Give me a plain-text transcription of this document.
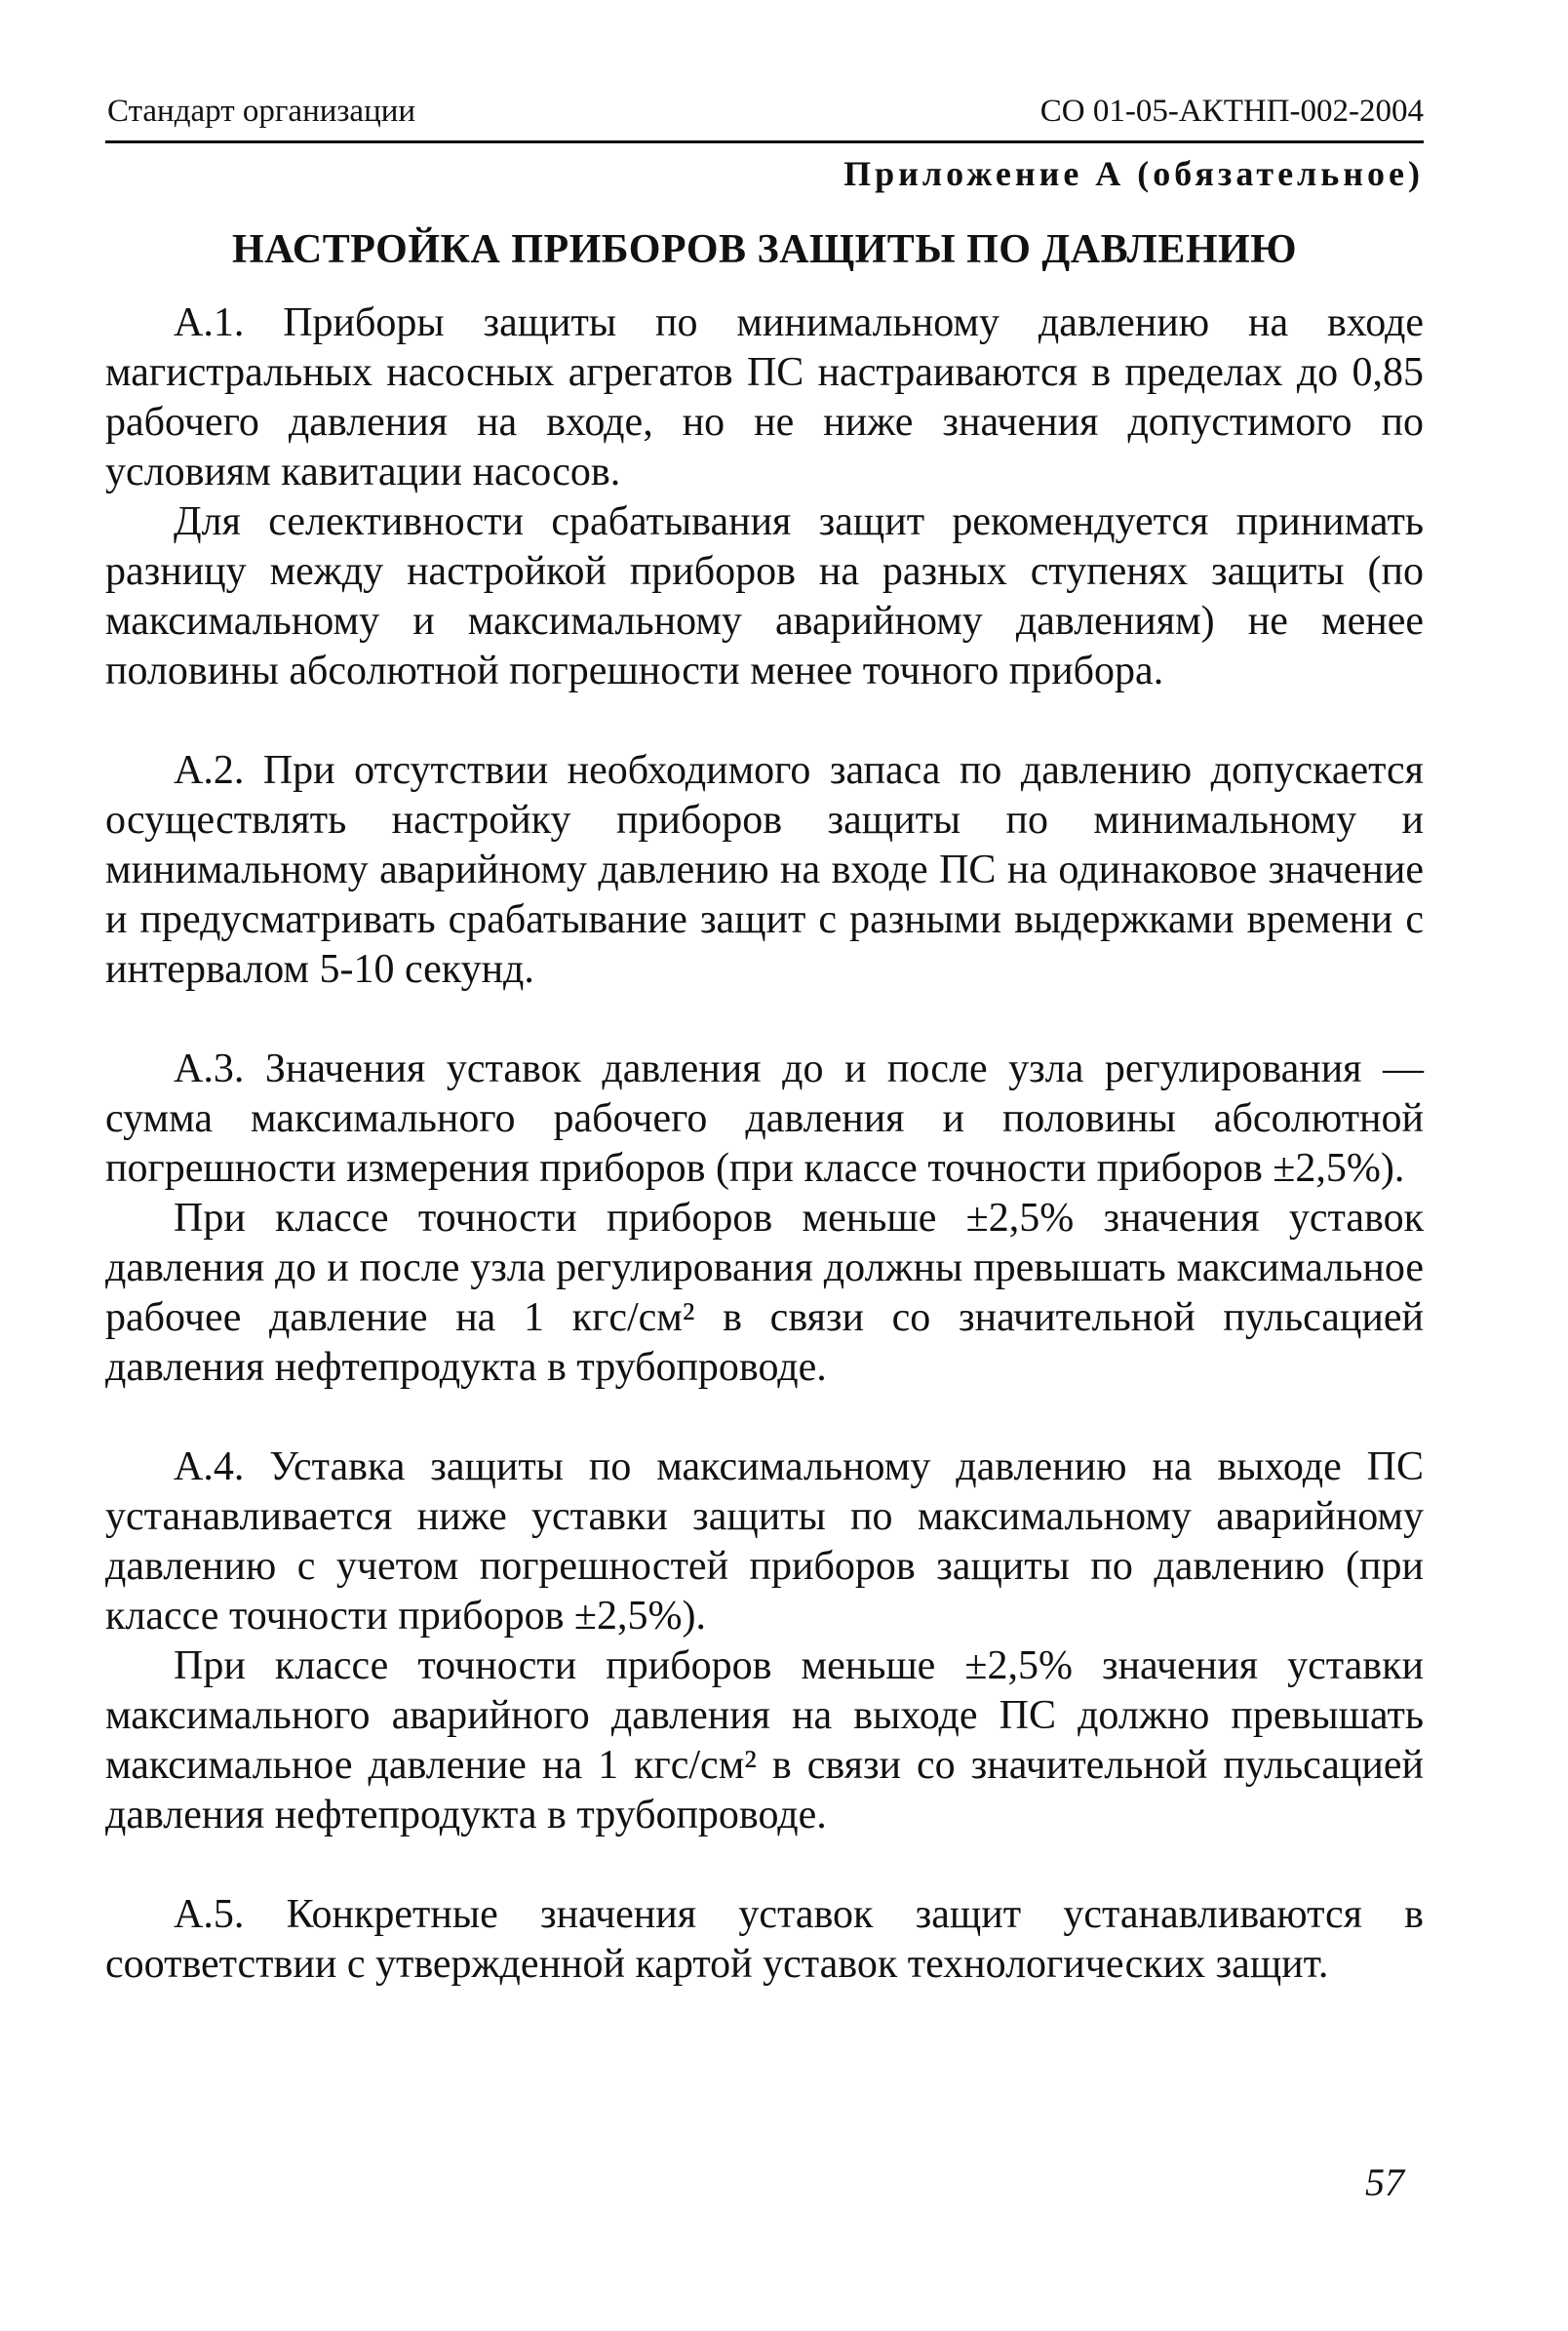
Стандарт организации	СО 01-05-АКТНП-002-2004
Приложение А (обязательное)
НАСТРОЙКА ПРИБОРОВ ЗАЩИТЫ ПО ДАВЛЕНИЮ

А.1. Приборы защиты по минимальному давлению на входе магистральных насосных агрегатов ПС настраиваются в пределах до 0,85 рабочего давления на входе, но не ниже значения допустимого по условиям кавитации насосов.

Для селективности срабатывания защит рекомендуется принимать разницу между настройкой приборов на разных ступенях защиты (по максимальному и максимальному аварийному давлениям) не менее половины абсолютной погрешности менее точного прибора.

А.2. При отсутствии необходимого запаса по давлению допускается осуществлять настройку приборов защиты по минимальному и минимальному аварийному давлению на входе ПС на одинаковое значение и предусматривать срабатывание защит с разными выдержками времени с интервалом 5-10 секунд.

А.3. Значения уставок давления до и после узла регулирования — сумма максимального рабочего давления и половины абсолютной погрешности измерения приборов (при классе точности приборов ±2,5%).

При классе точности приборов меньше ±2,5% значения уставок давления до и после узла регулирования должны превышать максимальное рабочее давление на 1 кгс/см² в связи со значительной пульсацией давления нефтепродукта в трубопроводе.

А.4. Уставка защиты по максимальному давлению на выходе ПС устанавливается ниже уставки защиты по максимальному аварийному давлению с учетом погрешностей приборов защиты по давлению (при классе точности приборов ±2,5%).

При классе точности приборов меньше ±2,5% значения уставки максимального аварийного давления на выходе ПС должно превышать максимальное давление на 1 кгс/см² в связи со значительной пульсацией давления нефтепродукта в трубопроводе.

А.5. Конкретные значения уставок защит устанавливаются в соответствии с утвержденной картой уставок технологических защит.

57
